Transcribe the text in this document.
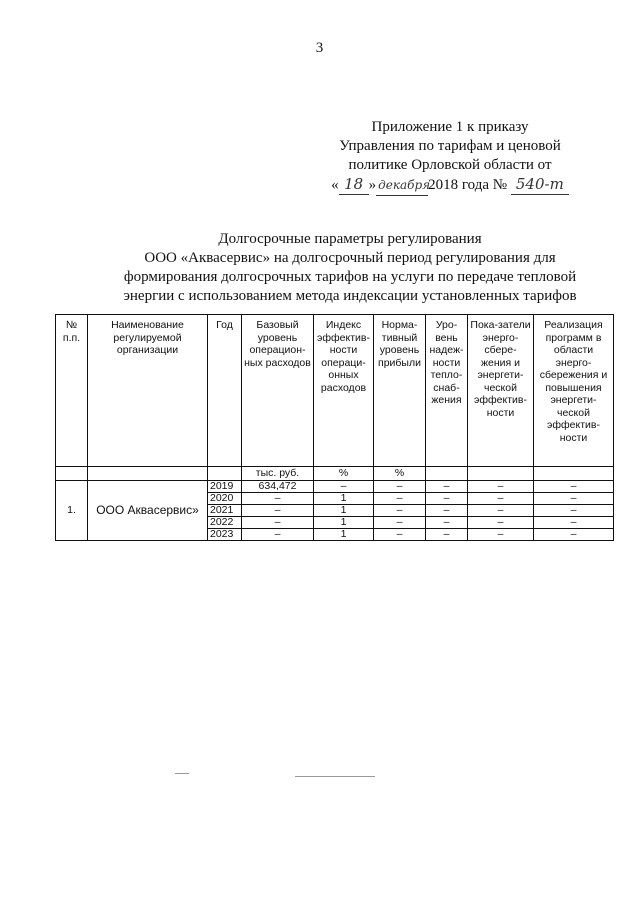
3
Приложение 1 к приказу
Управления по тарифам и ценовой
политике Орловской области от
« 18 » декабря2018 года № 540-т
Долгосрочные параметры регулирования
ООО «Аквасервис» на долгосрочный период регулирования для
формирования долгосрочных тарифов на услуги по передаче тепловой
энергии с использованием метода индексации установленных тарифов
№ п.п.	Наименование регулируемой организации	Год	Базовый уровень операцион-ных расходов	Индекс эффектив-ности операци-онных расходов	Норма-тивный уровень прибыли	Уро-вень надеж-ности тепло-снаб-жения	Пока-затели энерго-сбере-жения и энергети-ческой эффектив-ности	Реализация программ в области энерго-сбережения и повышения энергети-ческой эффектив-ности
			тыс. руб.	%	%			
1.	ООО Аквасервис»	2019	634,472	–	–	–	–	–
		2020	–	1	–	–	–	–
		2021	–	1	–	–	–	–
		2022	–	1	–	–	–	–
		2023	–	1	–	–	–	–
